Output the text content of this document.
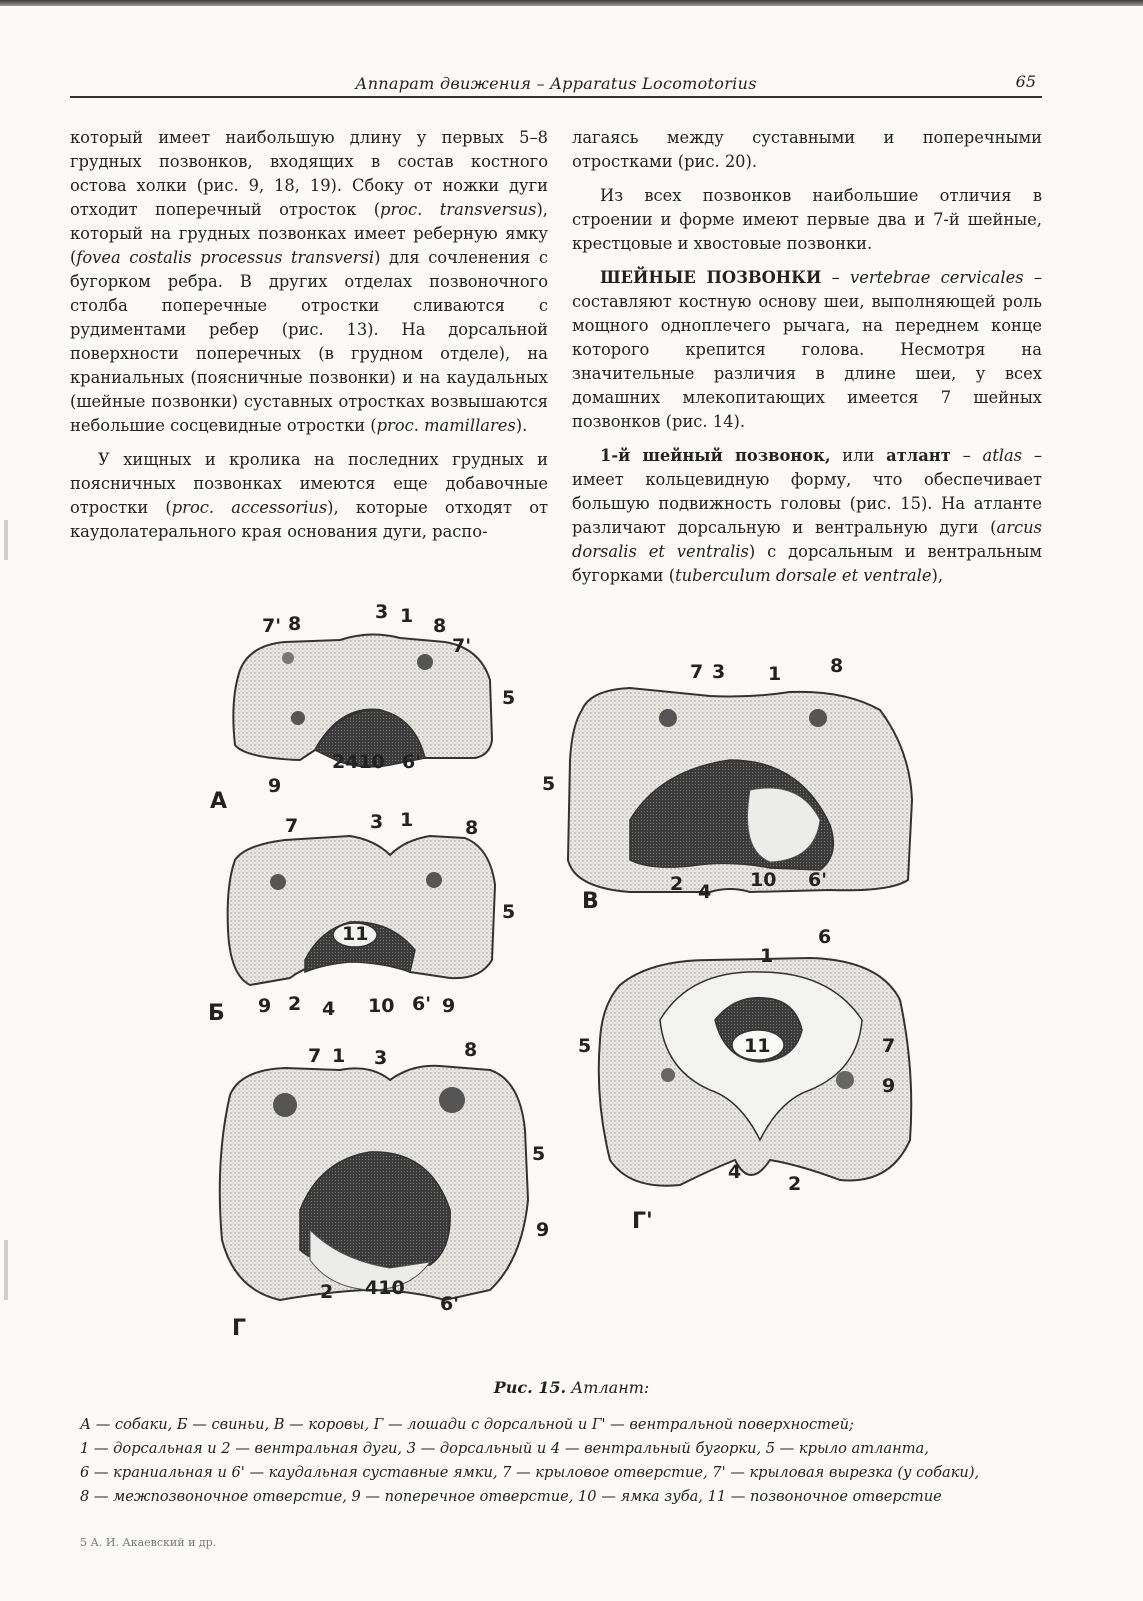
Аппарат движения – Apparatus Locomotorius	65

который имеет наибольшую длину у первых 5–8 грудных позвонков, входящих в состав костного остова холки (рис. 9, 18, 19). Сбоку от ножки дуги отходит поперечный отросток (proc. transversus), который на грудных позвонках имеет реберную ямку (fovea costalis processus transversi) для сочленения с бугорком ребра. В других отделах позвоночного столба поперечные отростки сливаются с рудиментами ребер (рис. 13). На дорсальной поверхности поперечных (в грудном отделе), на краниальных (поясничные позвонки) и на каудальных (шейные позвонки) суставных отростках возвышаются небольшие сосцевидные отростки (proc. mamillares).

У хищных и кролика на последних грудных и поясничных позвонках имеются еще добавочные отростки (proc. accessorius), которые отходят от каудолатерального края основания дуги, распо-

лагаясь между суставными и поперечными отростками (рис. 20).

Из всех позвонков наибольшие отличия в строении и форме имеют первые два и 7-й шейные, крестцовые и хвостовые позвонки.

ШЕЙНЫЕ ПОЗВОНКИ – vertebrae cervicales – составляют костную основу шеи, выполняющей роль мощного одноплечего рычага, на переднем конце которого крепится голова. Несмотря на значительные различия в длине шеи, у всех домашних млекопитающих имеется 7 шейных позвонков (рис. 14).

1-й шейный позвонок, или атлант – atlas – имеет кольцевидную форму, что обеспечивает большую подвижность головы (рис. 15). На атланте различают дорсальную и вентральную дуги (arcus dorsalis et ventralis) с дорсальным и вентральным бугорками (tuberculum dorsale et ventrale),

7' 8
3 1 8
7'
5
2410 6'
9
А
7	3 1	8
5
11
9 2 4 10 6' 9
Б
7 3 1	8
5
2 4
10 6'
В
7 1 3	8
5
9
2 410
6'
Г
6
1
5	11	7
9
4
2
Г'
Рис. 15. Атлант:
А — собаки, Б — свиньи, В — коровы, Г — лошади с дорсальной и Г' — вентральной поверхностей;
1 — дорсальная и 2 — вентральная дуги, 3 — дорсальный и 4 — вентральный бугорки, 5 — крыло атланта,
6 — краниальная и 6' — каудальная суставные ямки, 7 — крыловое отверстие, 7' — крыловая вырезка (у собаки),
8 — межпозвоночное отверстие, 9 — поперечное отверстие, 10 — ямка зуба, 11 — позвоночное отверстие
5 А. И. Акаевский и др.
